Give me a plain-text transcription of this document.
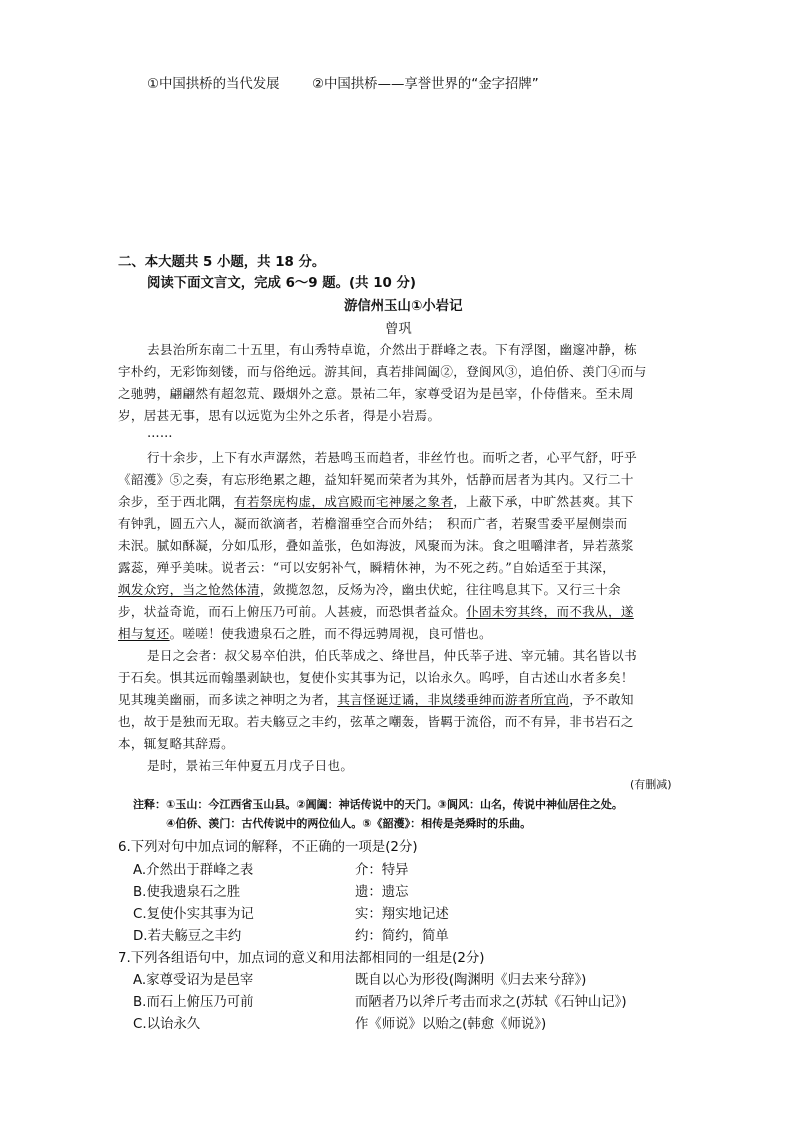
①中国拱桥的当代发展 ②中国拱桥——享誉世界的“金字招牌”
二、本大题共 5 小题，共 18 分。
阅读下面文言文，完成 6～9 题。(共 10 分)
游信州玉山①小岩记
曾巩
去县治所东南二十五里，有山秀特卓诡，介然出于群峰之表。下有浮图，幽邃冲静，栋
宇朴约，无彩饰刻镂，而与俗绝远。游其间，真若排阊阖②，登阆风③，追伯侨、羡门④而与
之驰骋，翩翩然有超忽荒、蹑烟外之意。景祐二年，家尊受诏为是邑宰，仆侍偕来。至未周
岁，居甚无事，思有以远览为尘外之乐者，得是小岩焉。
……
行十余步，上下有水声潺然，若悬鸣玉而趋者，非丝竹也。而听之者，心平气舒，吁乎
《韶濩》⑤之奏，有忘形绝累之趣，益知轩冕而荣者为其外，恬静而居者为其内。又行二十
余步，至于西北隅，有若祭庑构虚，成宫殿而宅神屡之象者，上蔽下承，中旷然甚爽。其下
有钟乳，圆五六人，凝而欲滴者，若檐溜垂空合而外结；　积而广者，若聚雪委平屋侧崇而
未泯。腻如酥凝，分如瓜形，叠如盖张，色如海波，风聚而为沫。食之咀嚼津者，异若蒸浆
露蕊，殚乎美味。说者云：“可以安躬补气，瞬精休神，为不死之药。”自始适至于其深，
飒发众窍，当之怆然体清，敛揽忽忽，反炀为冷，幽虫伏蛇，往往鸣息其下。又行三十余
步，状益奇诡，而石上俯压乃可前。人甚疲，而恐惧者益众。仆固未穷其终，而不我从，遂
相与复还。嗟嗟！使我遗泉石之胜，而不得远骋周视，良可惜也。
是日之会者：叔父易卒伯洪，伯氏莘成之、绛世昌，仲氏莘子进、宰元辅。其名皆以书
于石矣。惧其远而翰墨剥缺也，复使仆实其事为记，以诒永久。呜呼，自古述山水者多矣！
见其瑰美幽丽，而多读之神明之为者，其言怪诞迂谲，非岚缕垂绅而游者所宜尚，予不敢知
也，故于是独而无取。若夫觞豆之丰约，弦革之嘲轰，皆羁于流俗，而不有异，非书岩石之
本，辄复略其辞焉。
是时，景祐三年仲夏五月戊子日也。
(有删减)
注释：①玉山：今江西省玉山县。②阊阖：神话传说中的天门。③阆风：山名，传说中神仙居住之处。
④伯侨、羡门：古代传说中的两位仙人。⑤《韶濩》：相传是尧舜时的乐曲。
6.下列对句中加点词的解释，不正确的一项是(2分)
A.介然出于群峰之表	介：特异
B.使我遗泉石之胜	遗：遗忘
C.复使仆实其事为记	实：翔实地记述
D.若夫觞豆之丰约	约：简约，简单
7.下列各组语句中，加点词的意义和用法都相同的一组是(2分)
A.家尊受诏为是邑宰	既自以心为形役(陶渊明《归去来兮辞》)
B.而石上俯压乃可前	而陋者乃以斧斤考击而求之(苏轼《石钟山记》)
C.以诒永久	作《师说》以贻之(韩愈《师说》)
